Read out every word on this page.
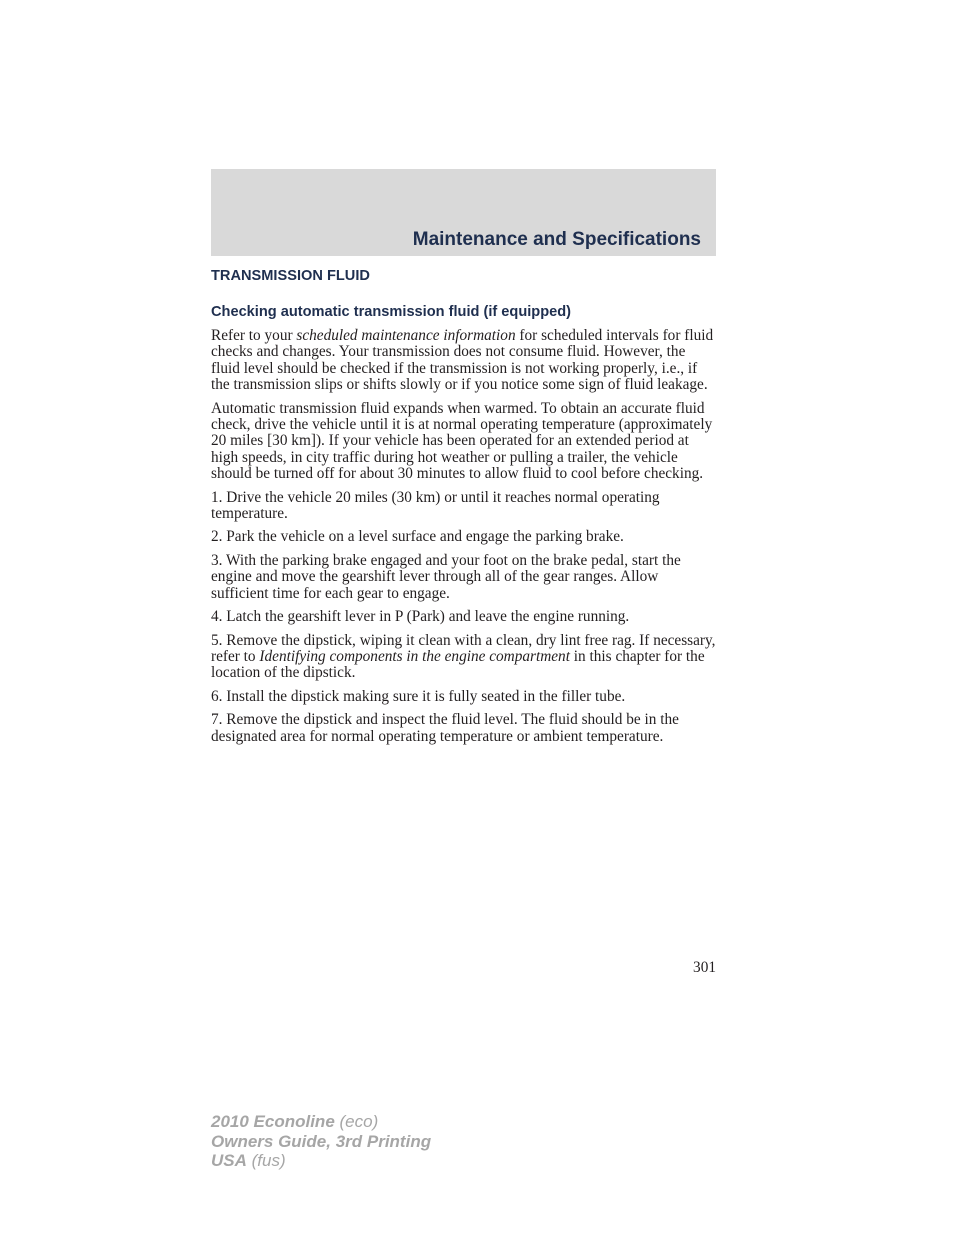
Maintenance and Specifications
TRANSMISSION FLUID
Checking automatic transmission fluid (if equipped)

Refer to your scheduled maintenance information for scheduled intervals for fluid checks and changes. Your transmission does not consume fluid. However, the fluid level should be checked if the transmission is not working properly, i.e., if the transmission slips or shifts slowly or if you notice some sign of fluid leakage.

Automatic transmission fluid expands when warmed. To obtain an accurate fluid check, drive the vehicle until it is at normal operating temperature (approximately 20 miles [30 km]). If your vehicle has been operated for an extended period at high speeds, in city traffic during hot weather or pulling a trailer, the vehicle should be turned off for about 30 minutes to allow fluid to cool before checking.

1. Drive the vehicle 20 miles (30 km) or until it reaches normal operating temperature.

2. Park the vehicle on a level surface and engage the parking brake.

3. With the parking brake engaged and your foot on the brake pedal, start the engine and move the gearshift lever through all of the gear ranges. Allow sufficient time for each gear to engage.

4. Latch the gearshift lever in P (Park) and leave the engine running.

5. Remove the dipstick, wiping it clean with a clean, dry lint free rag. If necessary, refer to Identifying components in the engine compartment in this chapter for the location of the dipstick.

6. Install the dipstick making sure it is fully seated in the filler tube.

7. Remove the dipstick and inspect the fluid level. The fluid should be in the designated area for normal operating temperature or ambient temperature.

301
2010 Econoline (eco)
Owners Guide, 3rd Printing
USA (fus)
